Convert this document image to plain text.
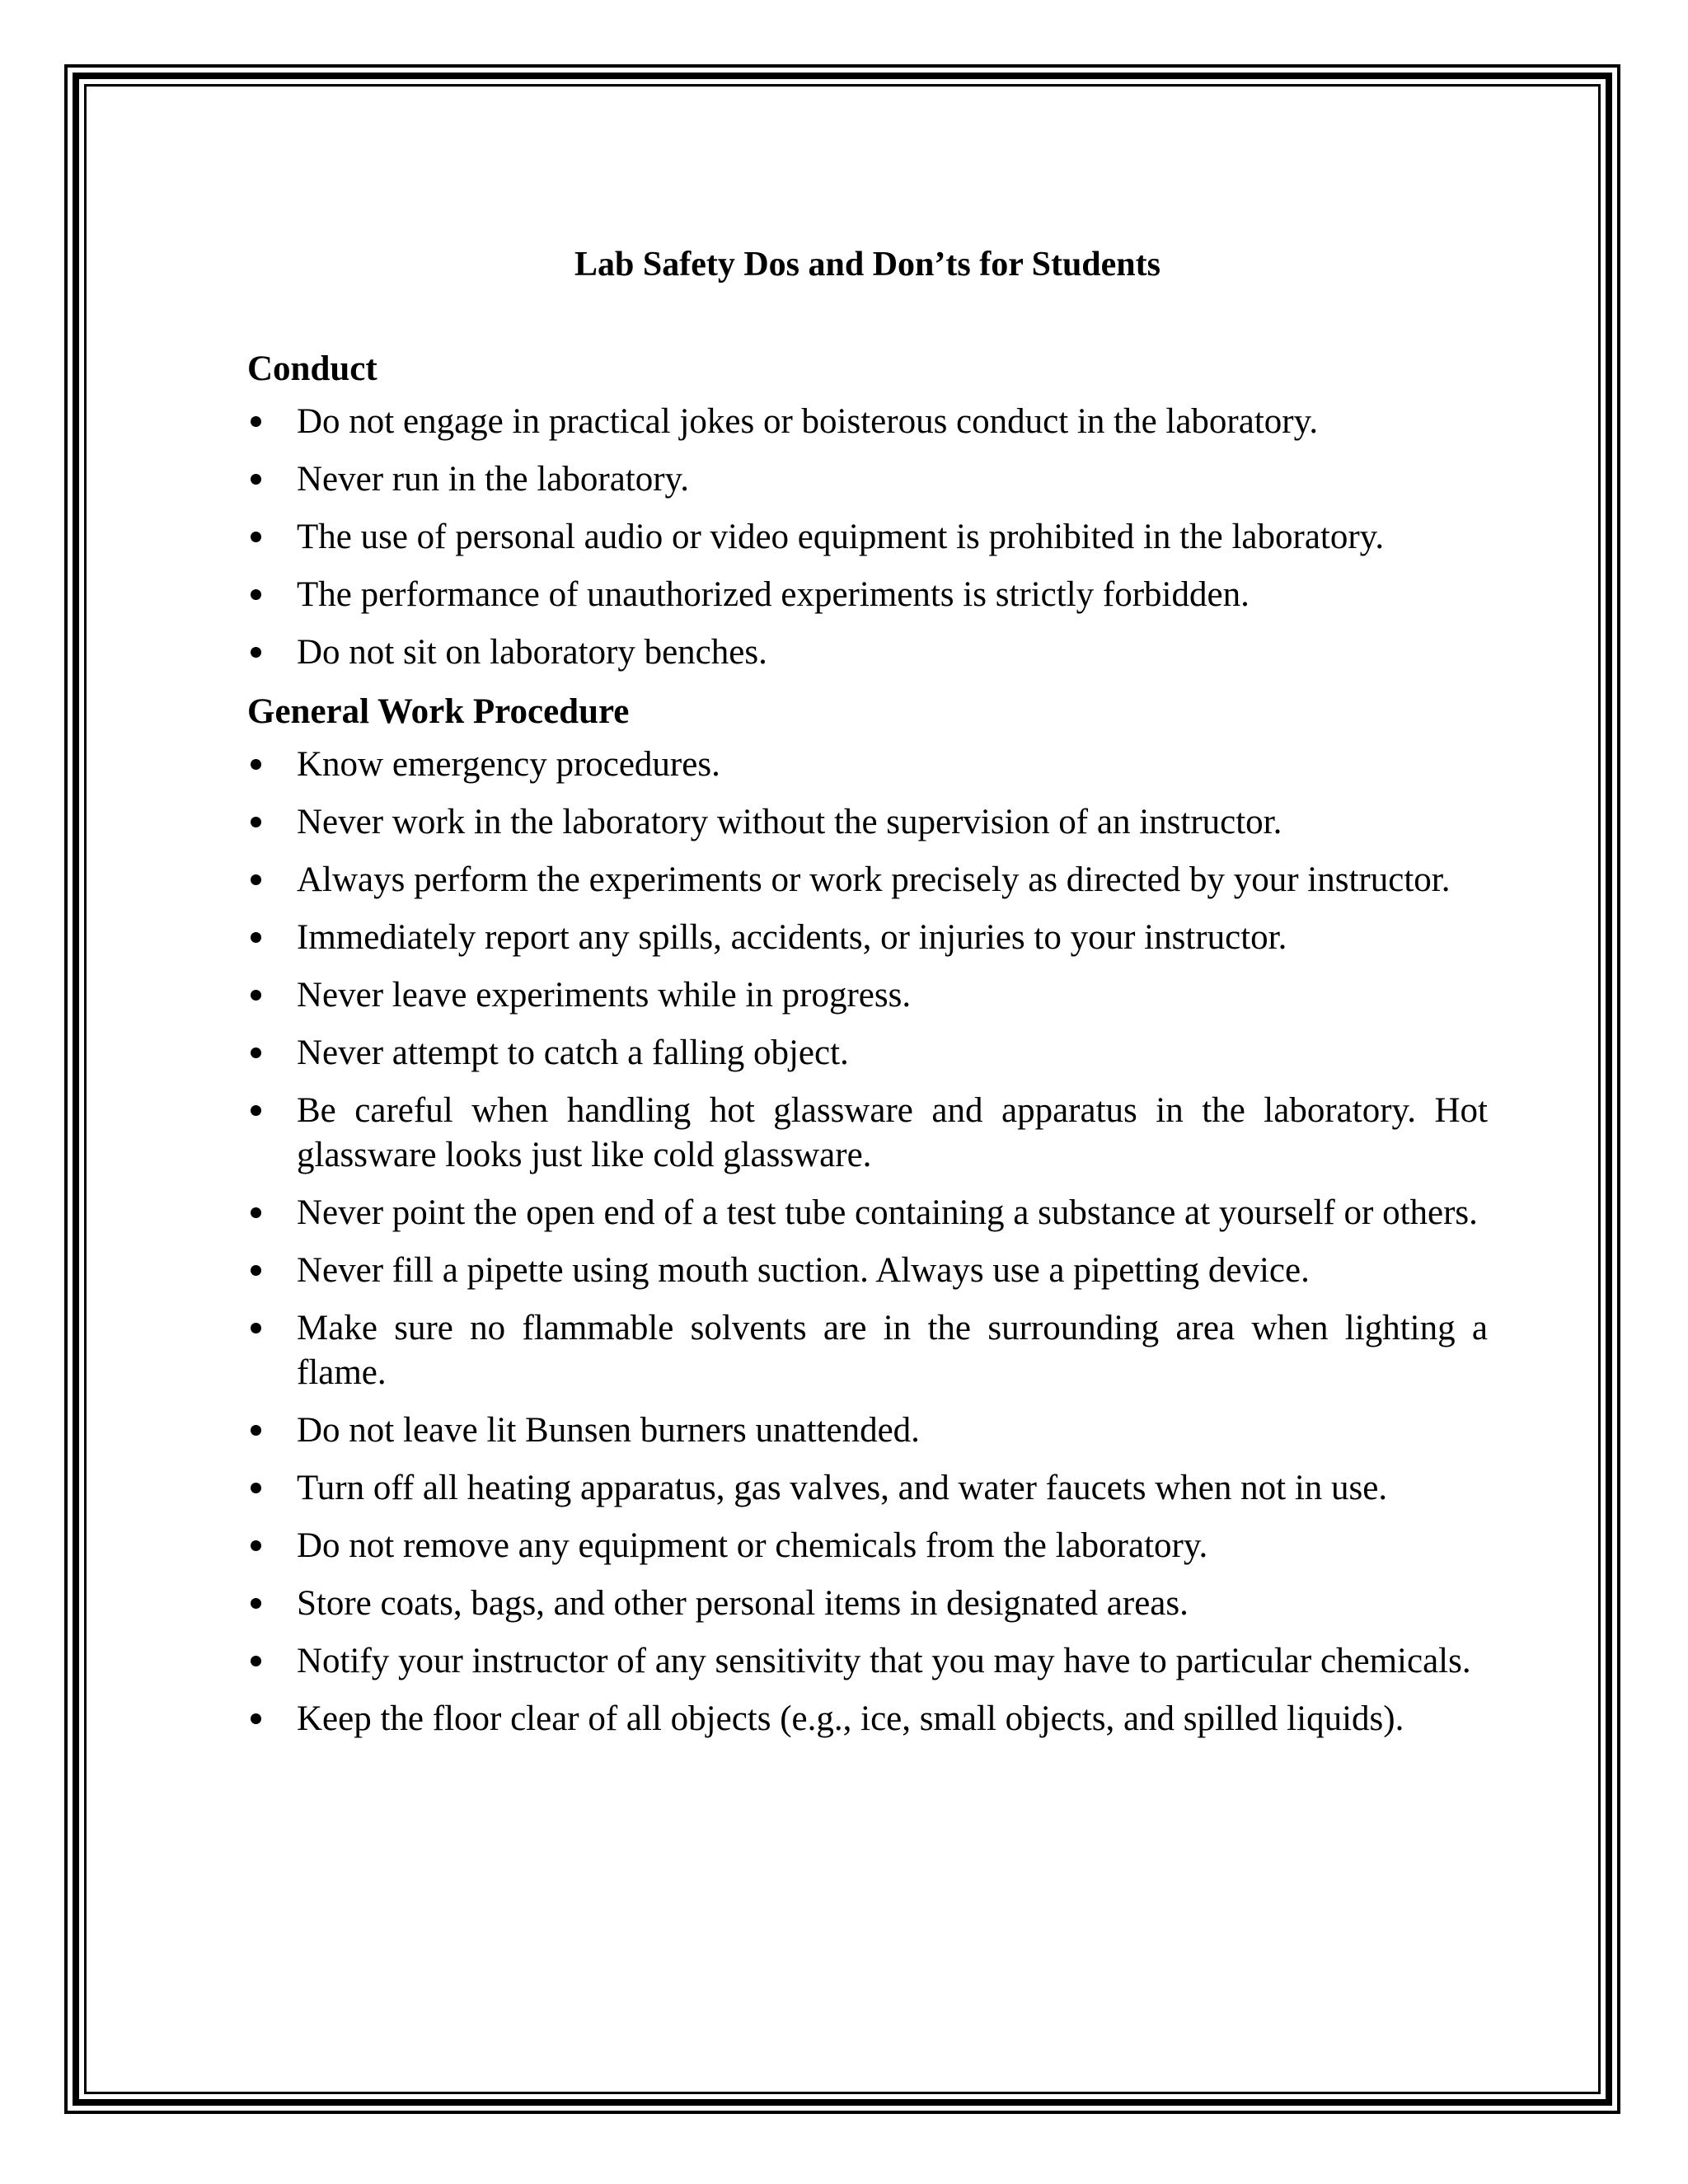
Lab Safety Dos and Don’ts for Students
Conduct
Do not engage in practical jokes or boisterous conduct in the laboratory.
Never run in the laboratory.
The use of personal audio or video equipment is prohibited in the laboratory.
The performance of unauthorized experiments is strictly forbidden.
Do not sit on laboratory benches.
General Work Procedure
Know emergency procedures.
Never work in the laboratory without the supervision of an instructor.
Always perform the experiments or work precisely as directed by your instructor.
Immediately report any spills, accidents, or injuries to your instructor.
Never leave experiments while in progress.
Never attempt to catch a falling object.
Be careful when handling hot glassware and apparatus in the laboratory. Hot glassware looks just like cold glassware.
Never point the open end of a test tube containing a substance at yourself or others.
Never fill a pipette using mouth suction. Always use a pipetting device.
Make sure no flammable solvents are in the surrounding area when lighting a flame.
Do not leave lit Bunsen burners unattended.
Turn off all heating apparatus, gas valves, and water faucets when not in use.
Do not remove any equipment or chemicals from the laboratory.
Store coats, bags, and other personal items in designated areas.
Notify your instructor of any sensitivity that you may have to particular chemicals.
Keep the floor clear of all objects (e.g., ice, small objects, and spilled liquids).
